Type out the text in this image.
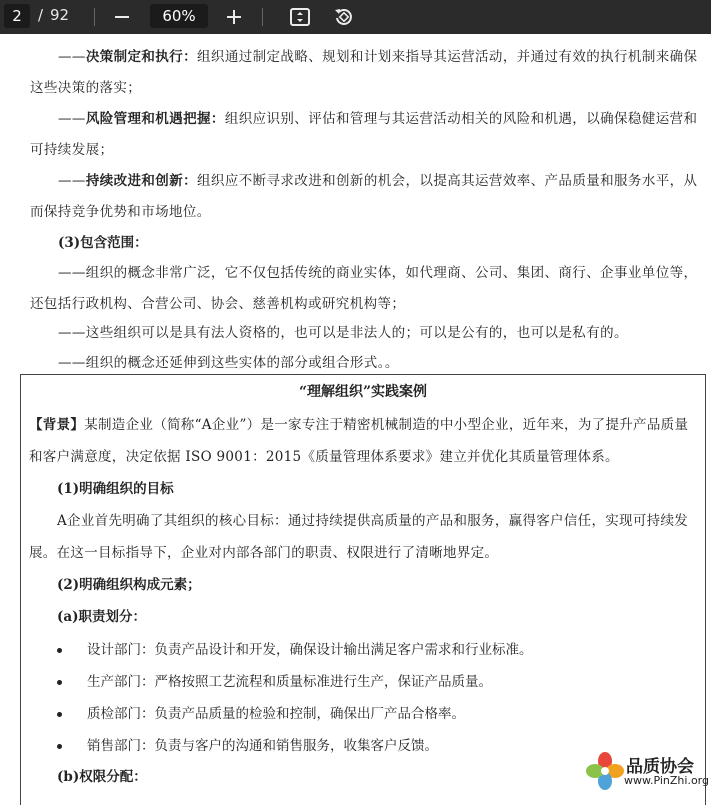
2	/ 92	60%
——决策制定和执行：组织通过制定战略、规划和计划来指导其运营活动，并通过有效的执行机制来确保这些决策的落实；
——风险管理和机遇把握：组织应识别、评估和管理与其运营活动相关的风险和机遇，以确保稳健运营和可持续发展；
——持续改进和创新：组织应不断寻求改进和创新的机会，以提高其运营效率、产品质量和服务水平，从而保持竞争优势和市场地位。
(3)包含范围：
——组织的概念非常广泛，它不仅包括传统的商业实体，如代理商、公司、集团、商行、企事业单位等，还包括行政机构、合营公司、协会、慈善机构或研究机构等；
——这些组织可以是具有法人资格的，也可以是非法人的；可以是公有的，也可以是私有的。
——组织的概念还延伸到这些实体的部分或组合形式。。
“理解组织”实践案例
【背景】某制造企业（简称“A企业”）是一家专注于精密机械制造的中小型企业，近年来，为了提升产品质量和客户满意度，决定依据 ISO 9001：2015《质量管理体系要求》建立并优化其质量管理体系。
(1)明确组织的目标
A企业首先明确了其组织的核心目标：通过持续提供高质量的产品和服务，赢得客户信任，实现可持续发展。在这一目标指导下，企业对内部各部门的职责、权限进行了清晰地界定。
(2)明确组织构成元素；
(a)职责划分：
设计部门：负责产品设计和开发，确保设计输出满足客户需求和行业标准。
生产部门：严格按照工艺流程和质量标准进行生产，保证产品质量。
质检部门：负责产品质量的检验和控制，确保出厂产品合格率。
销售部门：负责与客户的沟通和销售服务，收集客户反馈。
(b)权限分配：	品质协会
www.PinZhi.org
